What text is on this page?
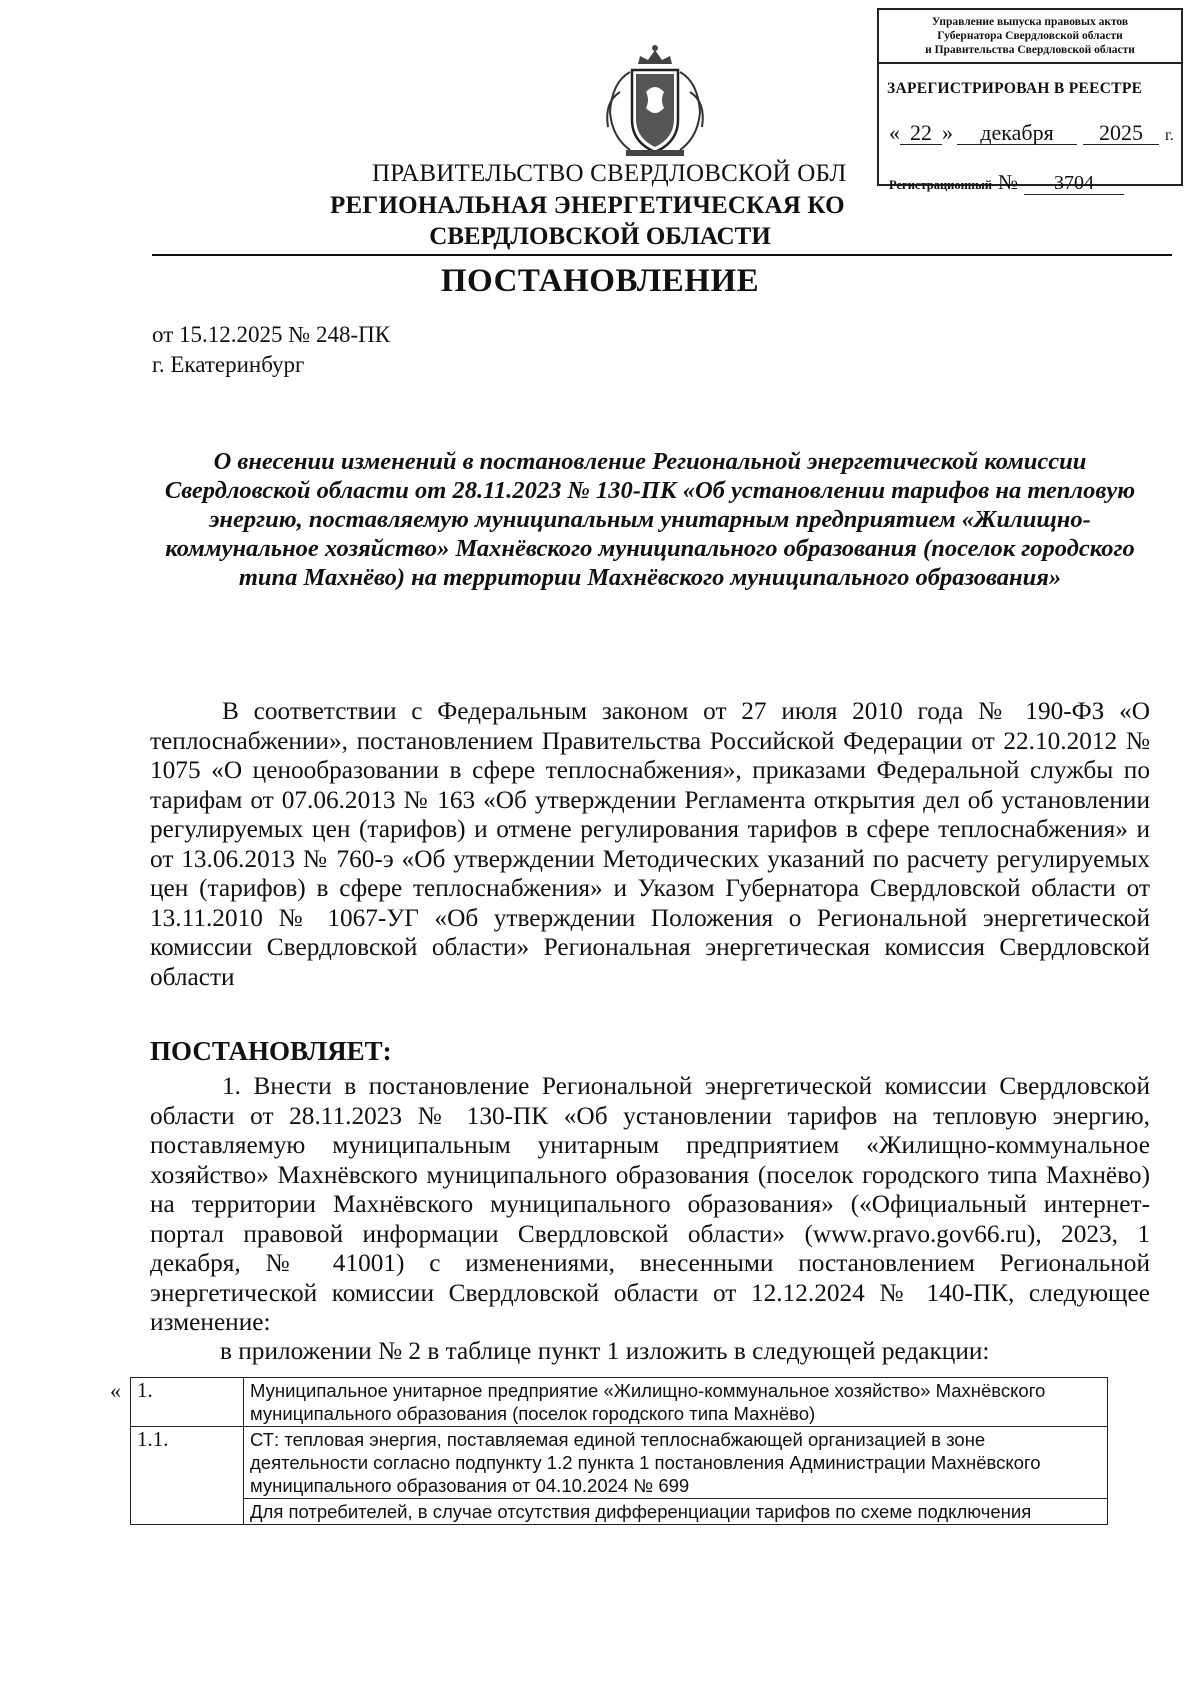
Управление выпуска правовых актов
Губернатора Свердловской области
и Правительства Свердловской области
ЗАРЕГИСТРИРОВАН В РЕЕСТРЕ
« 22 » декабря 2025 г.
Регистрационный № 3704
ПРАВИТЕЛЬСТВО СВЕРДЛОВСКОЙ ОБЛ
РЕГИОНАЛЬНАЯ ЭНЕРГЕТИЧЕСКАЯ КО
СВЕРДЛОВСКОЙ ОБЛАСТИ
ПОСТАНОВЛЕНИЕ
от 15.12.2025 № 248-ПК
г. Екатеринбург
О внесении изменений в постановление Региональной энергетической комиссии Свердловской области от 28.11.2023 № 130-ПК «Об установлении тарифов на тепловую энергию, поставляемую муниципальным унитарным предприятием «Жилищно-коммунальное хозяйство» Махнёвского муниципального образования (поселок городского типа Махнёво) на территории Махнёвского муниципального образования»
В соответствии с Федеральным законом от 27 июля 2010 года № 190-ФЗ «О теплоснабжении», постановлением Правительства Российской Федерации от 22.10.2012 № 1075 «О ценообразовании в сфере теплоснабжения», приказами Федеральной службы по тарифам от 07.06.2013 № 163 «Об утверждении Регламента открытия дел об установлении регулируемых цен (тарифов) и отмене регулирования тарифов в сфере теплоснабжения» и от 13.06.2013 № 760-э «Об утверждении Методических указаний по расчету регулируемых цен (тарифов) в сфере теплоснабжения» и Указом Губернатора Свердловской области от 13.11.2010 № 1067-УГ «Об утверждении Положения о Региональной энергетической комиссии Свердловской области» Региональная энергетическая комиссия Свердловской области
ПОСТАНОВЛЯЕТ:
1. Внести в постановление Региональной энергетической комиссии Свердловской области от 28.11.2023 № 130-ПК «Об установлении тарифов на тепловую энергию, поставляемую муниципальным унитарным предприятием «Жилищно-коммунальное хозяйство» Махнёвского муниципального образования (поселок городского типа Махнёво) на территории Махнёвского муниципального образования» («Официальный интернет-портал правовой информации Свердловской области» (www.pravo.gov66.ru), 2023, 1 декабря, № 41001) с изменениями, внесенными постановлением Региональной энергетической комиссии Свердловской области от 12.12.2024 № 140-ПК, следующее изменение:
в приложении № 2 в таблице пункт 1 изложить в следующей редакции:
« 1.	Муниципальное унитарное предприятие «Жилищно-коммунальное хозяйство» Махнёвского муниципального образования (поселок городского типа Махнёво)
1.1.	СТ: тепловая энергия, поставляемая единой теплоснабжающей организацией в зоне деятельности согласно подпункту 1.2 пункта 1 постановления Администрации Махнёвского муниципального образования от 04.10.2024 № 699
	Для потребителей, в случае отсутствия дифференциации тарифов по схеме подключения
